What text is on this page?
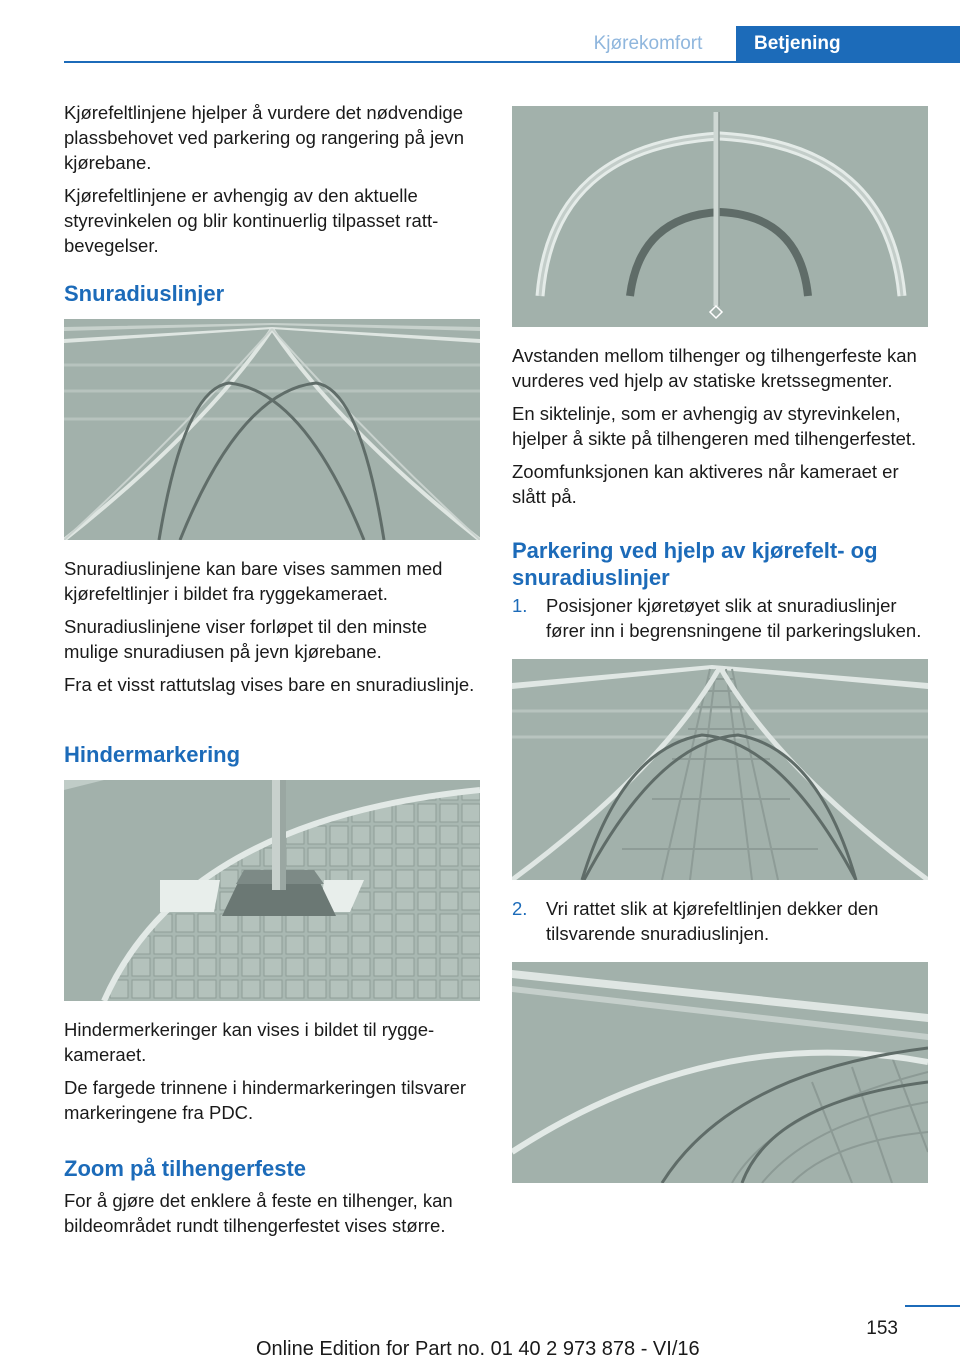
Kjørekomfort	Betjening

Kjørefeltlinjene hjelper å vurdere det nødvendige plassbehovet ved parkering og rangering på jevn kjørebane.

Kjørefeltlinjene er avhengig av den aktuelle styrevinkelen og blir kontinuerlig tilpasset rattbevegelser.

Snuradiuslinjer

Snuradiuslinjene kan bare vises sammen med kjørefeltlinjer i bildet fra ryggekameraet.

Snuradiuslinjene viser forløpet til den minste mulige snuradiusen på jevn kjørebane.

Fra et visst rattutslag vises bare en snuradiuslinje.

Hindermarkering

Hindermerkeringer kan vises i bildet til ryggekameraet.

De fargede trinnene i hindermarkeringen tilsvarer markeringene fra PDC.

Zoom på tilhengerfeste

For å gjøre det enklere å feste en tilhenger, kan bildeområdet rundt tilhengerfestet vises større.

Avstanden mellom tilhenger og tilhengerfeste kan vurderes ved hjelp av statiske kretssegmenter.

En siktelinje, som er avhengig av styrevinkelen, hjelper å sikte på tilhengeren med tilhengerfestet.

Zoomfunksjonen kan aktiveres når kameraet er slått på.

Parkering ved hjelp av kjørefelt- og snuradiuslinjer
1. Posisjoner kjøretøyet slik at snuradiuslinjer fører inn i begrensningene til parkeringsluken.
2. Vri rattet slik at kjørefeltlinjen dekker den tilsvarende snuradiuslinjen.
153
Online Edition for Part no. 01 40 2 973 878 - VI/16
